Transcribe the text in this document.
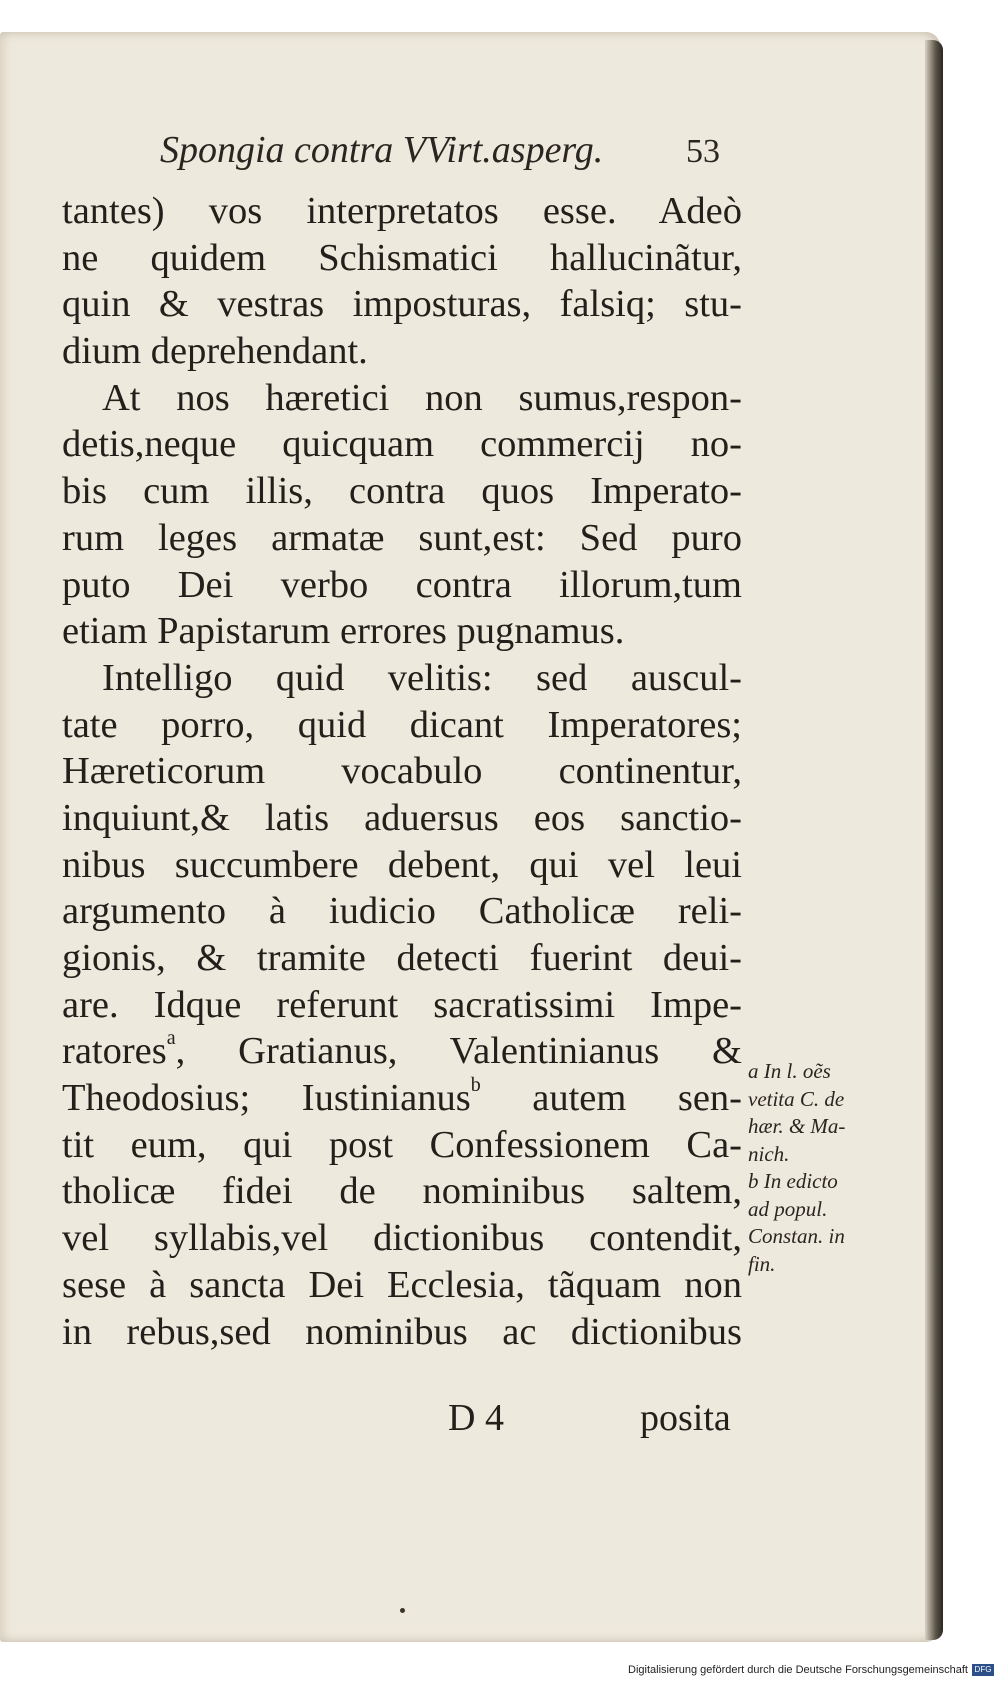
Spongia contra VVirt.asperg. 53
tantes) vos interpretatos esse. Adeò
ne quidem Schismatici hallucinãtur,
quin & vestras imposturas, falsiq; stu-
dium deprehendant.
At nos hæretici non sumus,respon-
detis,neque quicquam commercij no-
bis cum illis, contra quos Imperato-
rum leges armatæ sunt,est: Sed puro
puto Dei verbo contra illorum,tum
etiam Papistarum errores pugnamus.
Intelligo quid velitis: sed auscul-
tate porro, quid dicant Imperatores;
Hæreticorum vocabulo continentur,
inquiunt,& latis aduersus eos sanctio-
nibus succumbere debent, qui vel leui
argumento à iudicio Catholicæ reli-
gionis, & tramite detecti fuerint deui-
are. Idque referunt sacratissimi Impe-
ratores$^a$, Gratianus, Valentinianus &
Theodosius; Iustinianus$^b$ autem sen-
tit eum, qui post Confessionem Ca-
tholicæ fidei de nominibus saltem,
vel syllabis,vel dictionibus contendit,
sese à sancta Dei Ecclesia, tãquam non
in rebus,sed nominibus ac dictionibus
a In l. oẽs
vetita C. de
hær. & Ma-
nich.
b In edicto
ad popul.
Constan. in
fin.
D 4	posita
Digitalisierung gefördert durch die Deutsche Forschungsgemeinschaft DFG
